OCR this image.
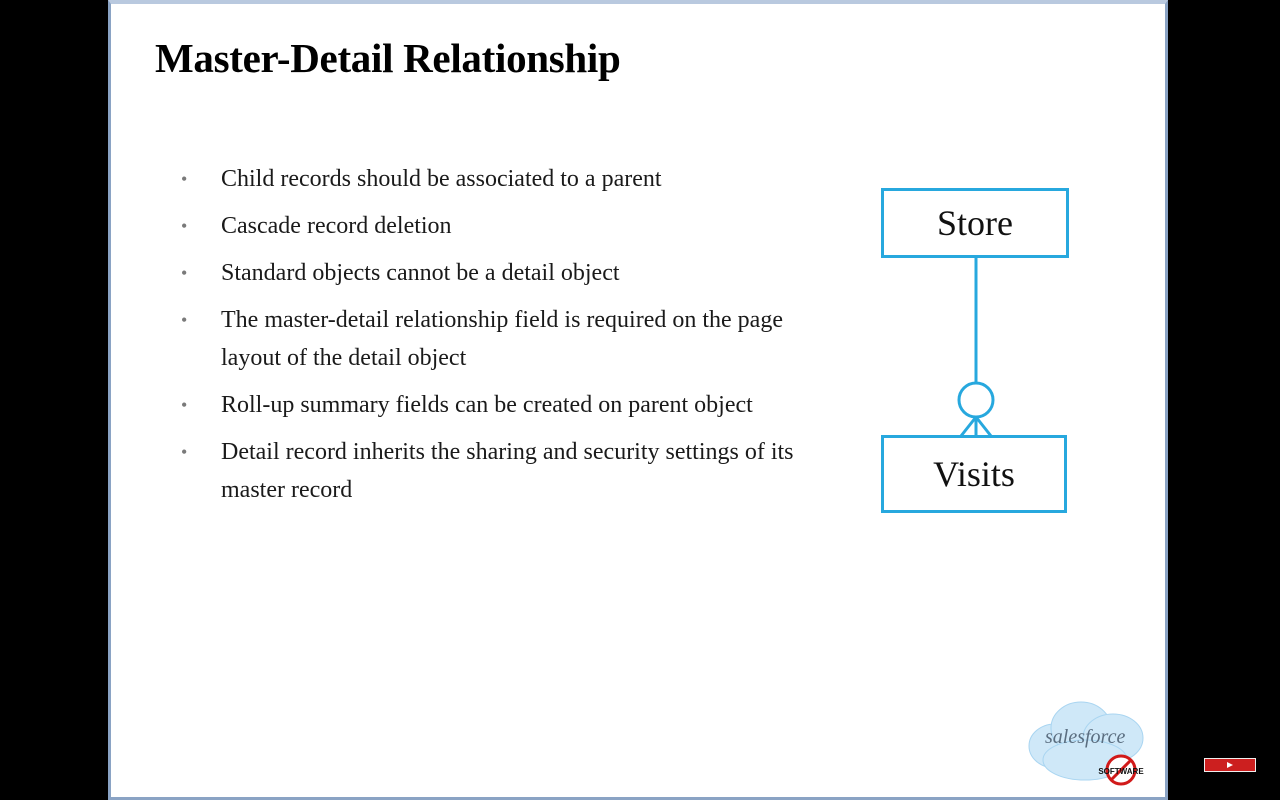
Master-Detail Relationship
• Child records should be associated to a parent
• Cascade record deletion
• Standard objects cannot be a detail object
• The master-detail relationship field is required on the page layout of the detail object
• Roll-up summary fields can be created on parent object
• Detail record inherits the sharing and security settings of its master record
Store
Visits
SOFTWARE
salesforce
